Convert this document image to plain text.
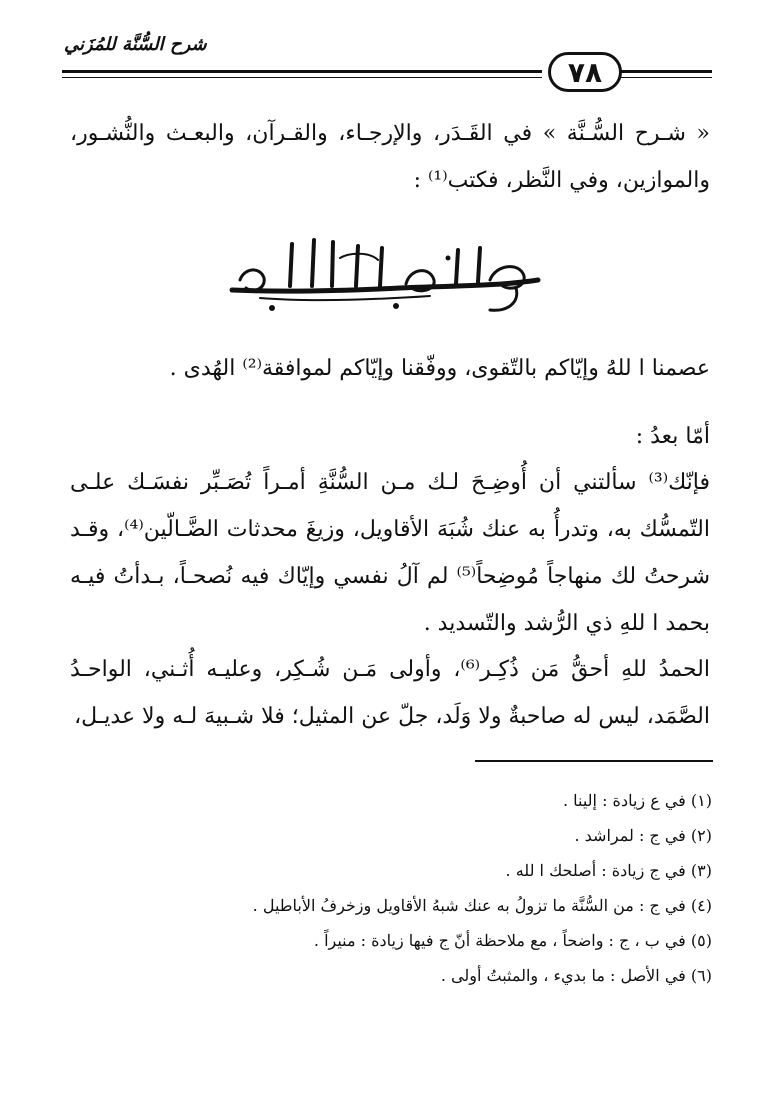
شرح السُّنَّة للمُزَني
٧٨
« شـرح السُّـنَّة » في القَـدَر، والإرجـاء، والقـرآن، والبعـث والنُّشـور، والموازين، وفي النَّظر، فكتب⁽¹⁾ :
عصمنا ا للهُ وإيّاكم بالتّقوى، ووفّقنا وإيّاكم لموافقة⁽²⁾ الهُدى .
أمّا بعدُ :
فإنّك⁽³⁾ سألتني أن أُوضِـحَ لـك مـن السُّنَّةِ أمـراً تُصَـبِّر نفسَـك علـى التّمسُّك به، وتدرأُ به عنك شُبَهَ الأقاويل، وزيغَ محدثات الضَّـالّين⁽⁴⁾، وقـد شرحتُ لك منهاجاً مُوضِحاً⁽⁵⁾ لم آلُ نفسي وإيّاك فيه نُصحـاً، بـدأتُ فيـه بحمد ا للهِ ذي الرُّشد والتّسديد .
الحمدُ للهِ أحقُّ مَن ذُكِـر⁽⁶⁾، وأولى مَـن شُـكِر، وعليـه أُثـني، الواحـدُ الصَّمَد، ليس له صاحبةٌ ولا وَلَد، جلّ عن المثيل؛ فلا شـبيهَ لـه ولا عديـل،
(١) في ع زيادة : إلينا .
(٢) في ج : لمراشد .
(٣) في ج زيادة : أصلحك ا لله .
(٤) في ج : من السُّنَّة ما تزولُ به عنك شبهُ الأقاويل وزخرفُ الأباطيل .
(٥) في ب ، ج : واضحاً ، مع ملاحظة أنّ ج فيها زيادة : منيراً .
(٦) في الأصل : ما بديء ، والمثبتُ أولى .
